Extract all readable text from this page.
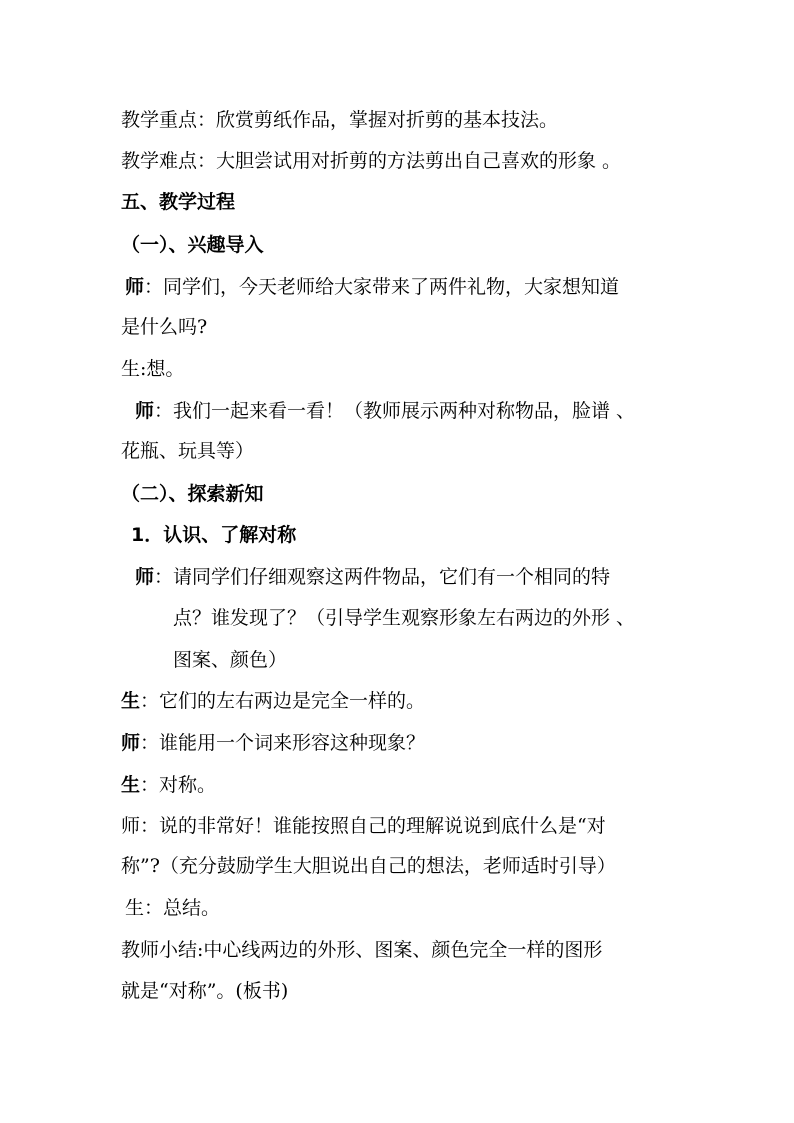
教学重点：欣赏剪纸作品，掌握对折剪的基本技法。
教学难点：大胆尝试用对折剪的方法剪出自己喜欢的形象 。
五、教学过程
（一）、兴趣导入
师：同学们，今天老师给大家带来了两件礼物，大家想知道
是什么吗?
生:想。
师：我们一起来看一看！（教师展示两种对称物品，脸谱 、
花瓶、玩具等）
（二）、探索新知
1．认识、了解对称
师：请同学们仔细观察这两件物品，它们有一个相同的特
点？谁发现了？（引导学生观察形象左右两边的外形 、
图案、颜色）
生：它们的左右两边是完全一样的。
师：谁能用一个词来形容这种现象？
生：对称。
师：说的非常好！谁能按照自己的理解说说到底什么是“对
称”?（充分鼓励学生大胆说出自己的想法，老师适时引导）
生：总结。
教师小结:中心线两边的外形、图案、颜色完全一样的图形
就是“对称”。(板书)
